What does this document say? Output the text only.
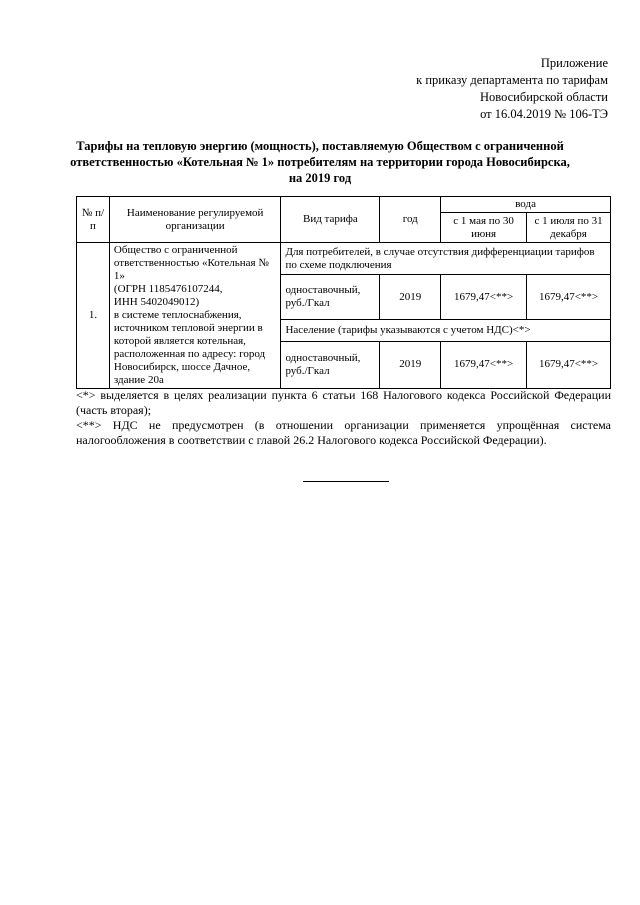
Приложение
к приказу департамента по тарифам
Новосибирской области
от 16.04.2019 № 106-ТЭ
Тарифы на тепловую энергию (мощность), поставляемую Обществом с ограниченной
ответственностью «Котельная № 1» потребителям на территории города Новосибирска,
на 2019 год
№ п/п	Наименование регулируемой организации	Вид тарифа	год	вода	
				с 1 мая по 30 июня	с 1 июля по 31 декабря
1.	Общество с ограниченной ответственностью «Котельная № 1»
(ОГРН 1185476107244,
ИНН 5402049012)
в системе теплоснабжения, источником тепловой энергии в которой является котельная, расположенная по адресу: город Новосибирск, шоссе Дачное, здание 20а	Для потребителей, в случае отсутствия дифференциации тарифов по схеме подключения			
		одноставочный, руб./Гкал	2019	1679,47<**>	1679,47<**>
		Население (тарифы указываются с учетом НДС)<*>			
		одноставочный, руб./Гкал	2019	1679,47<**>	1679,47<**>

<*> выделяется в целях реализации пункта 6 статьи 168 Налогового кодекса Российской Федерации (часть вторая);

<**> НДС не предусмотрен (в отношении организации применяется упрощённая система налогообложения в соответствии с главой 26.2 Налогового кодекса Российской Федерации).
